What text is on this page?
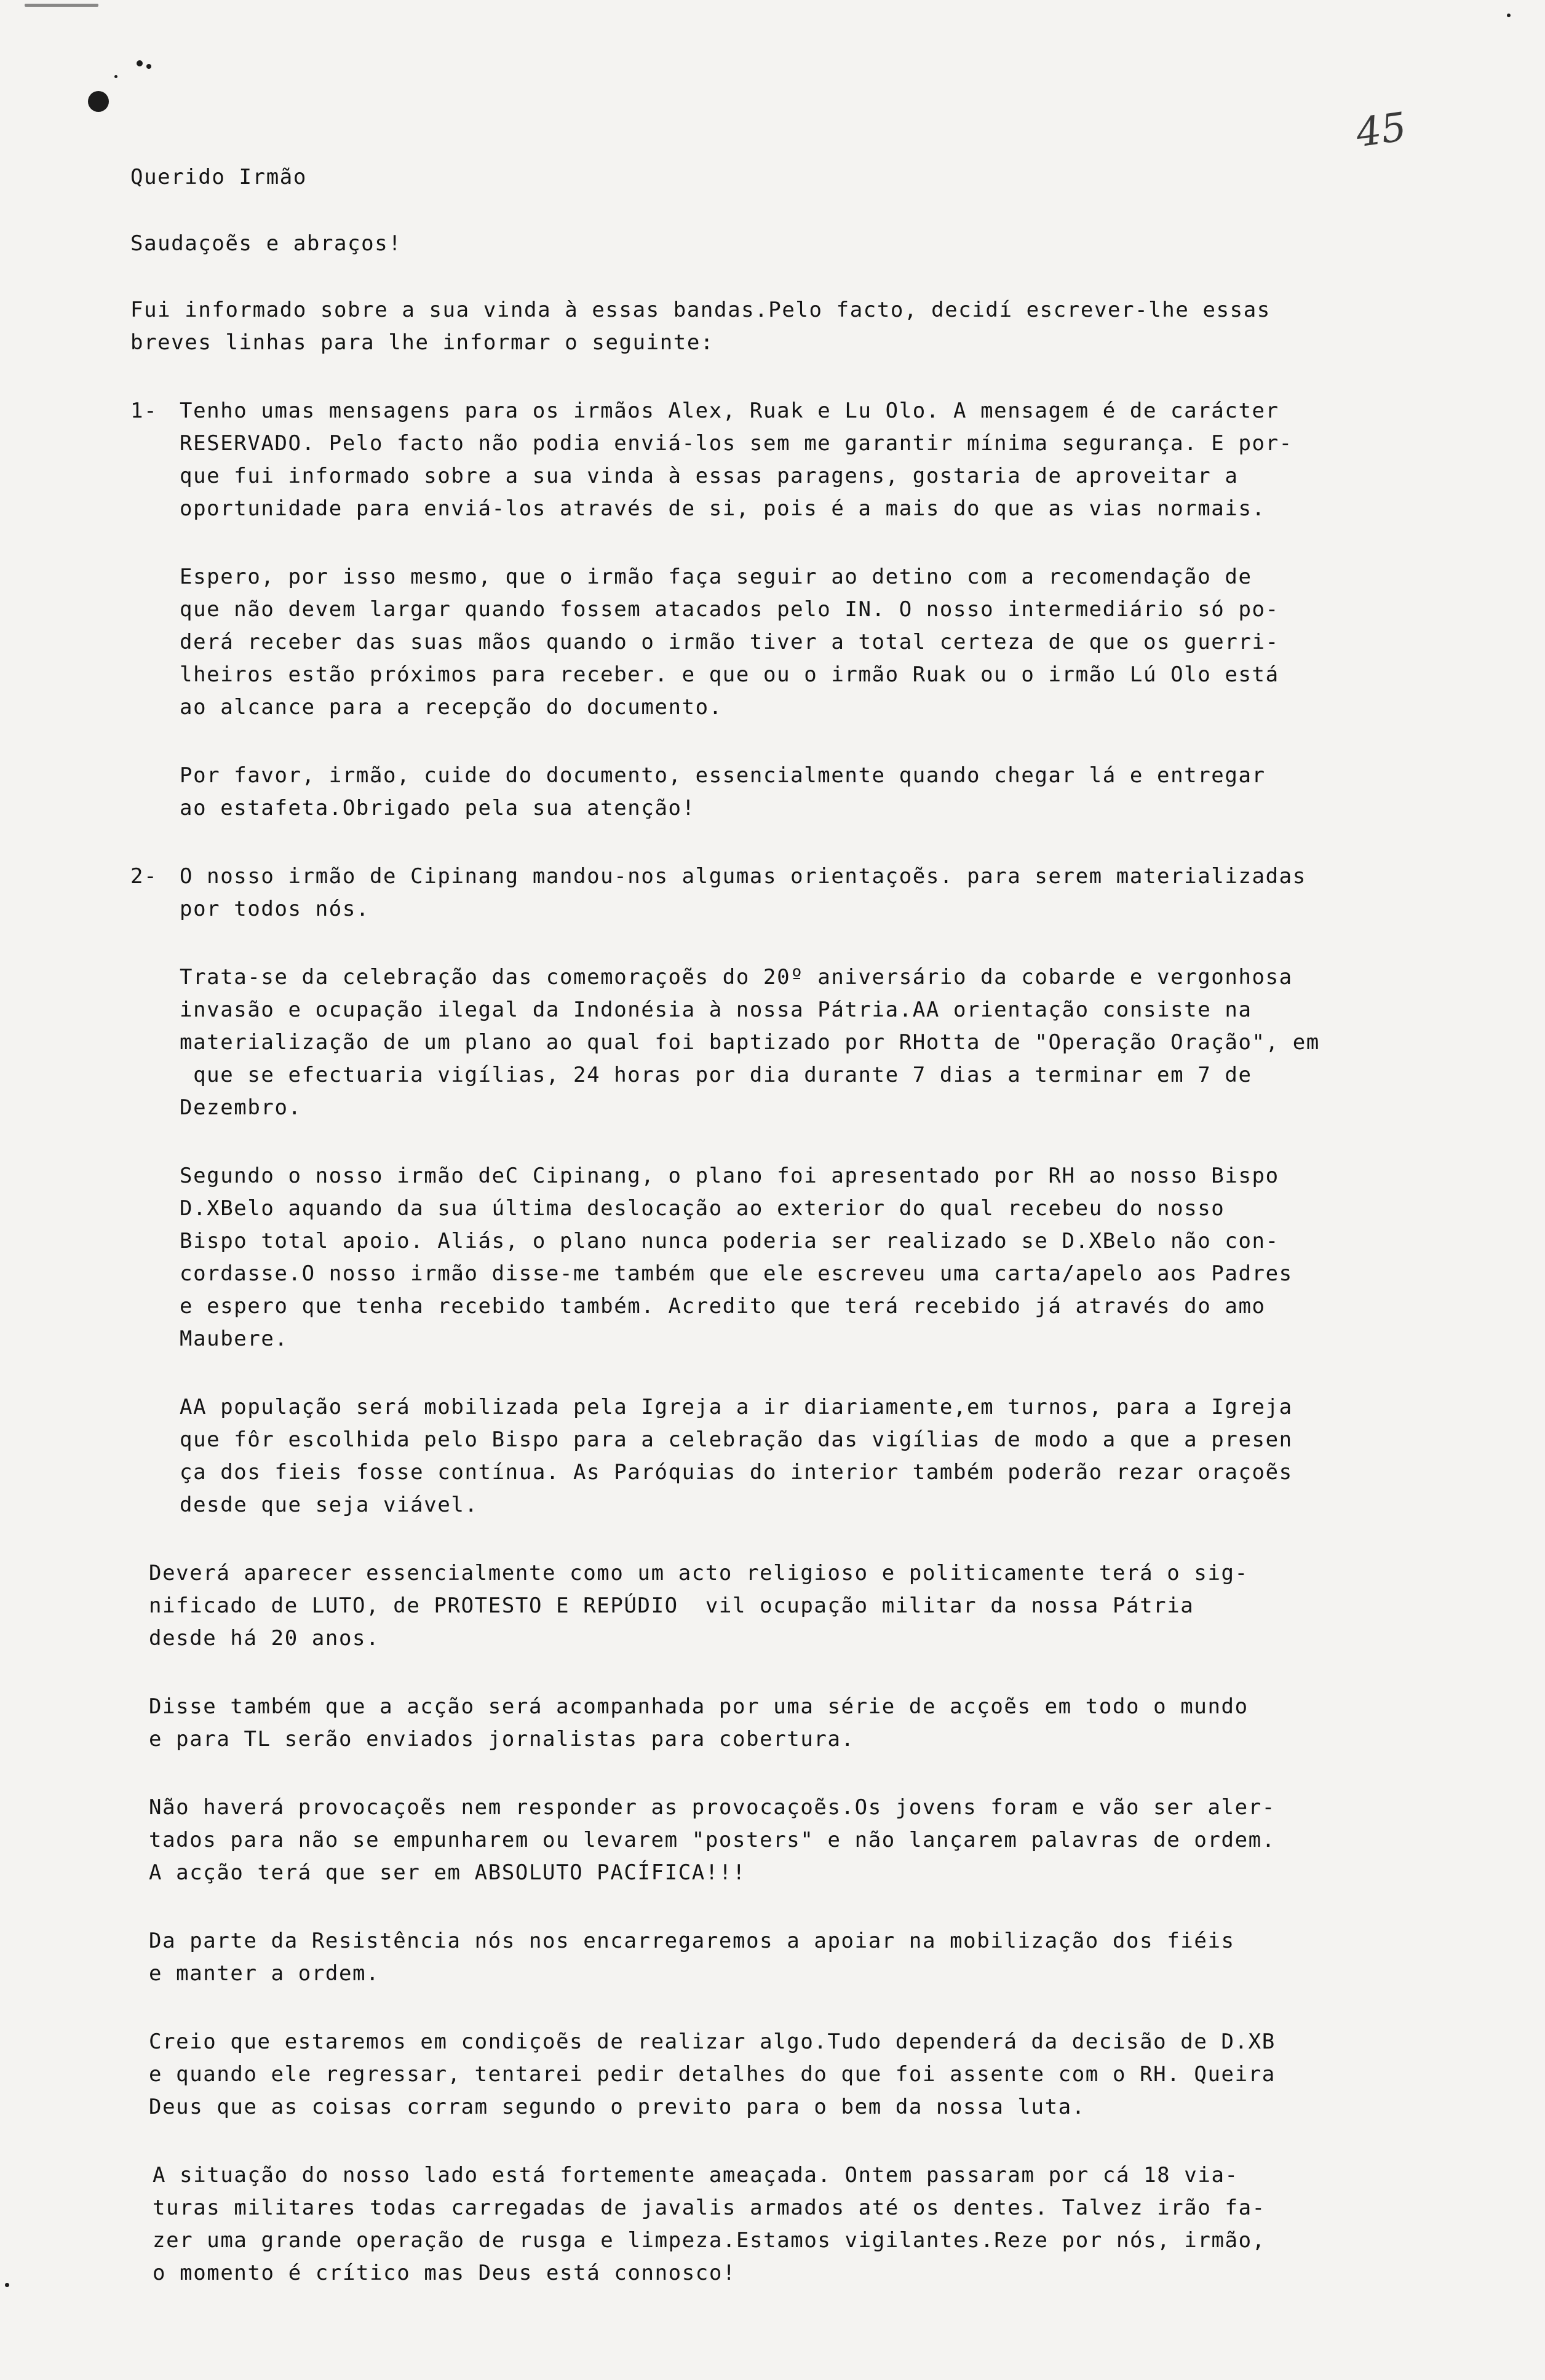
45
Querido Irmão
Saudaçoẽs e abraços!
Fui informado sobre a sua vinda à essas bandas.Pelo facto, decidí escrever-lhe essas
breves linhas para lhe informar o seguinte:
1- Tenho umas mensagens para os irmãos Alex, Ruak e Lu Olo. A mensagem é de carácter
RESERVADO. Pelo facto não podia enviá-los sem me garantir mínima segurança. E por-
que fui informado sobre a sua vinda à essas paragens, gostaria de aproveitar a
oportunidade para enviá-los através de si, pois é a mais do que as vias normais.
Espero, por isso mesmo, que o irmão faça seguir ao detino com a recomendação de
que não devem largar quando fossem atacados pelo IN. O nosso intermediário só po-
derá receber das suas mãos quando o irmão tiver a total certeza de que os guerri-
lheiros estão próximos para receber. e que ou o irmão Ruak ou o irmão Lú Olo está
ao alcance para a recepção do documento.
Por favor, irmão, cuide do documento, essencialmente quando chegar lá e entregar
ao estafeta.Obrigado pela sua atenção!
2- O nosso irmão de Cipinang mandou-nos algumas orientaçoẽs. para serem materializadas
por todos nós.
Trata-se da celebração das comemoraçoẽs do 20º aniversário da cobarde e vergonhosa
invasão e ocupação ilegal da Indonésia à nossa Pátria.AA orientação consiste na
materialização de um plano ao qual foi baptizado por RHotta de "Operação Oração", em
que se efectuaria vigílias, 24 horas por dia durante 7 dias a terminar em 7 de
Dezembro.
Segundo o nosso irmão deC Cipinang, o plano foi apresentado por RH ao nosso Bispo
D.XBelo aquando da sua última deslocação ao exterior do qual recebeu do nosso
Bispo total apoio. Aliás, o plano nunca poderia ser realizado se D.XBelo não con-
cordasse.O nosso irmão disse-me também que ele escreveu uma carta/apelo aos Padres
e espero que tenha recebido também. Acredito que terá recebido já através do amo
Maubere.
AA população será mobilizada pela Igreja a ir diariamente,em turnos, para a Igreja
que fôr escolhida pelo Bispo para a celebração das vigílias de modo a que a presen
ça dos fieis fosse contínua. As Paróquias do interior também poderão rezar oraçoẽs
desde que seja viável.
Deverá aparecer essencialmente como um acto religioso e politicamente terá o sig-
nificado de LUTO, de PROTESTO E REPÚDIO  vil ocupação militar da nossa Pátria
desde há 20 anos.
Disse também que a acção será acompanhada por uma série de acçoẽs em todo o mundo
e para TL serão enviados jornalistas para cobertura.
Não haverá provocaçoẽs nem responder as provocaçoẽs.Os jovens foram e vão ser aler-
tados para não se empunharem ou levarem "posters" e não lançarem palavras de ordem.
A acção terá que ser em ABSOLUTO PACÍFICA!!!
Da parte da Resistência nós nos encarregaremos a apoiar na mobilização dos fiéis
e manter a ordem.
Creio que estaremos em condiçoẽs de realizar algo.Tudo dependerá da decisão de D.XB
e quando ele regressar, tentarei pedir detalhes do que foi assente com o RH. Queira
Deus que as coisas corram segundo o previto para o bem da nossa luta.
A situação do nosso lado está fortemente ameaçada. Ontem passaram por cá 18 via-
turas militares todas carregadas de javalis armados até os dentes. Talvez irão fa-
zer uma grande operação de rusga e limpeza.Estamos vigilantes.Reze por nós, irmão,
o momento é crítico mas Deus está connosco!
